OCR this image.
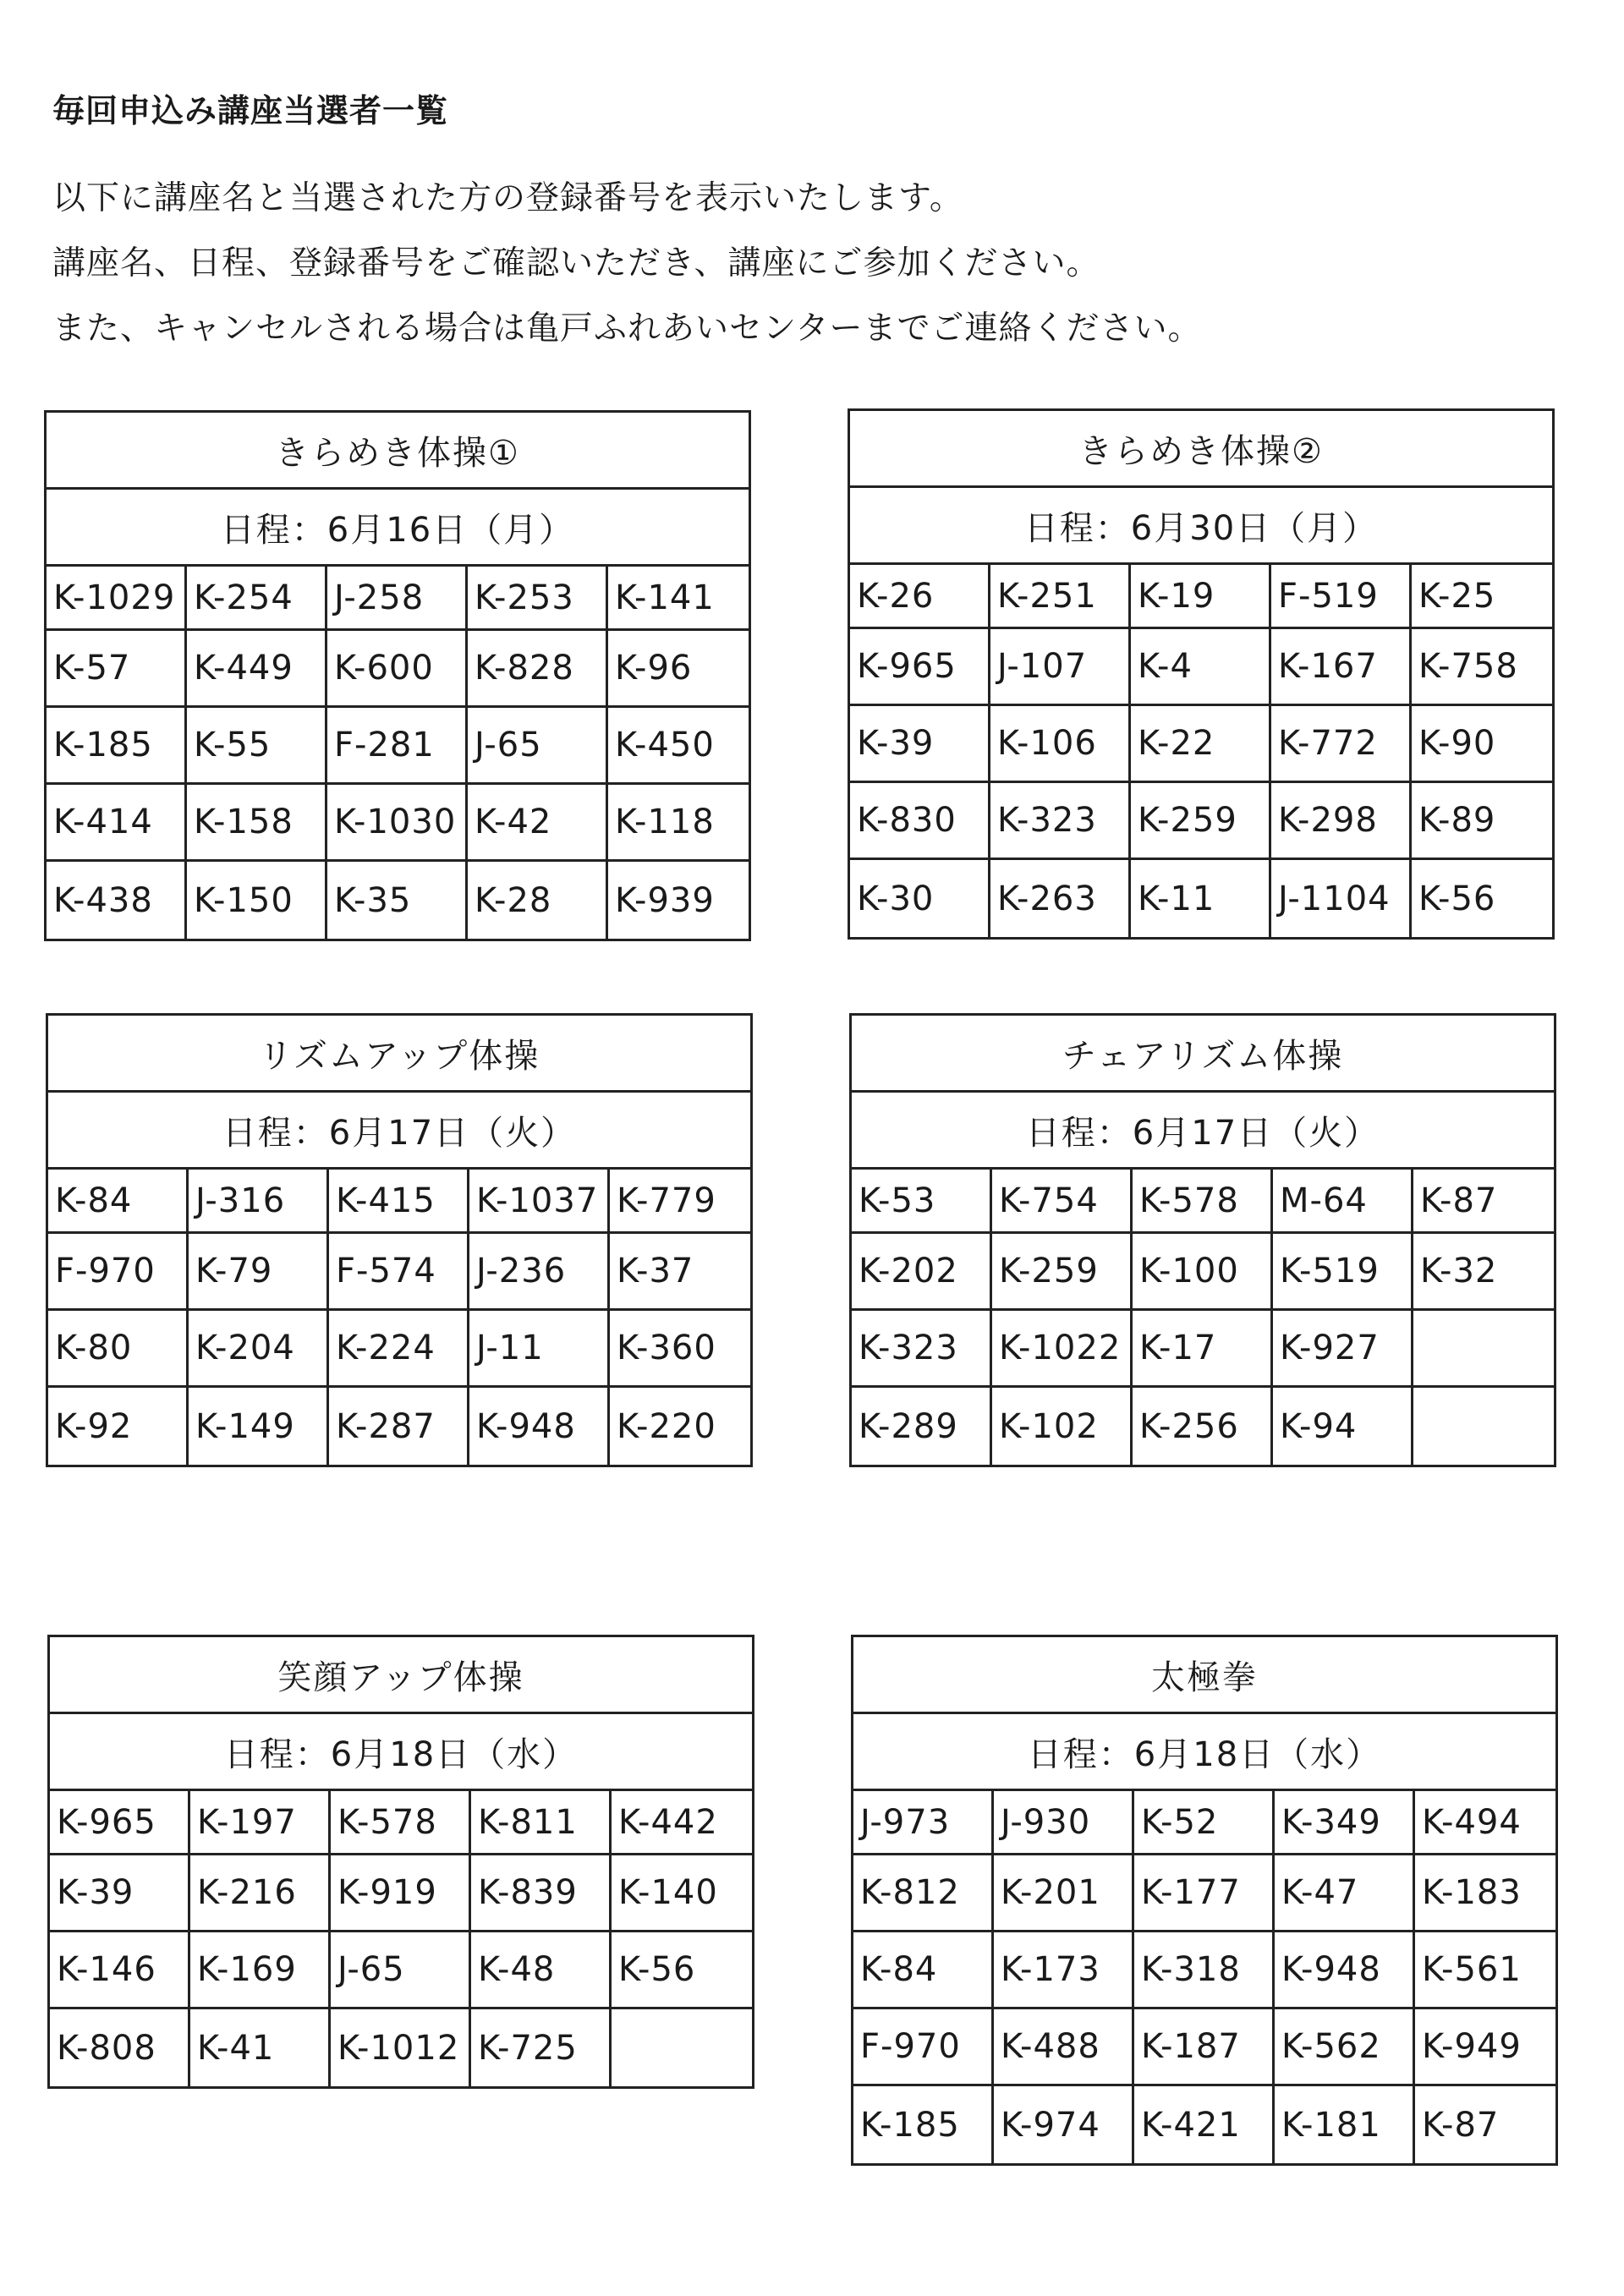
毎回申込み講座当選者一覧
以下に講座名と当選された方の登録番号を表示いたします。
講座名、日程、登録番号をご確認いただき、講座にご参加ください。
また、キャンセルされる場合は亀戸ふれあいセンターまでご連絡ください。
きらめき体操①
日程：6月16日（月）
K-1029 K-254	J-258	K-253	K-141
K-57	K-449	K-600	K-828	K-96
K-185	K-55	F-281	J-65	K-450
K-414	K-158	K-1030 K-42	K-118
K-438	K-150	K-35	K-28	K-939
きらめき体操②
日程：6月30日（月）
K-26	K-251	K-19	F-519	K-25
K-965	J-107	K-4	K-167	K-758
K-39	K-106	K-22	K-772	K-90
K-830	K-323	K-259	K-298	K-89
K-30	K-263	K-11	J-1104 K-56
リズムアップ体操
日程：6月17日（火）
K-84	J-316	K-415	K-1037 K-779
F-970	K-79	F-574	J-236	K-37
K-80	K-204	K-224	J-11	K-360
K-92	K-149	K-287	K-948	K-220
チェアリズム体操
日程：6月17日（火）
K-53	K-754	K-578	M-64	K-87
K-202	K-259	K-100	K-519	K-32
K-323	K-1022 K-17	K-927
K-289	K-102	K-256	K-94
笑顔アップ体操
日程：6月18日（水）
K-965	K-197	K-578	K-811	K-442
K-39	K-216	K-919	K-839	K-140
K-146	K-169	J-65	K-48	K-56
K-808	K-41	K-1012 K-725
太極拳
日程：6月18日（水）
J-973	J-930	K-52	K-349	K-494
K-812	K-201	K-177	K-47	K-183
K-84	K-173	K-318	K-948	K-561
F-970	K-488	K-187	K-562	K-949
K-185	K-974	K-421	K-181	K-87
